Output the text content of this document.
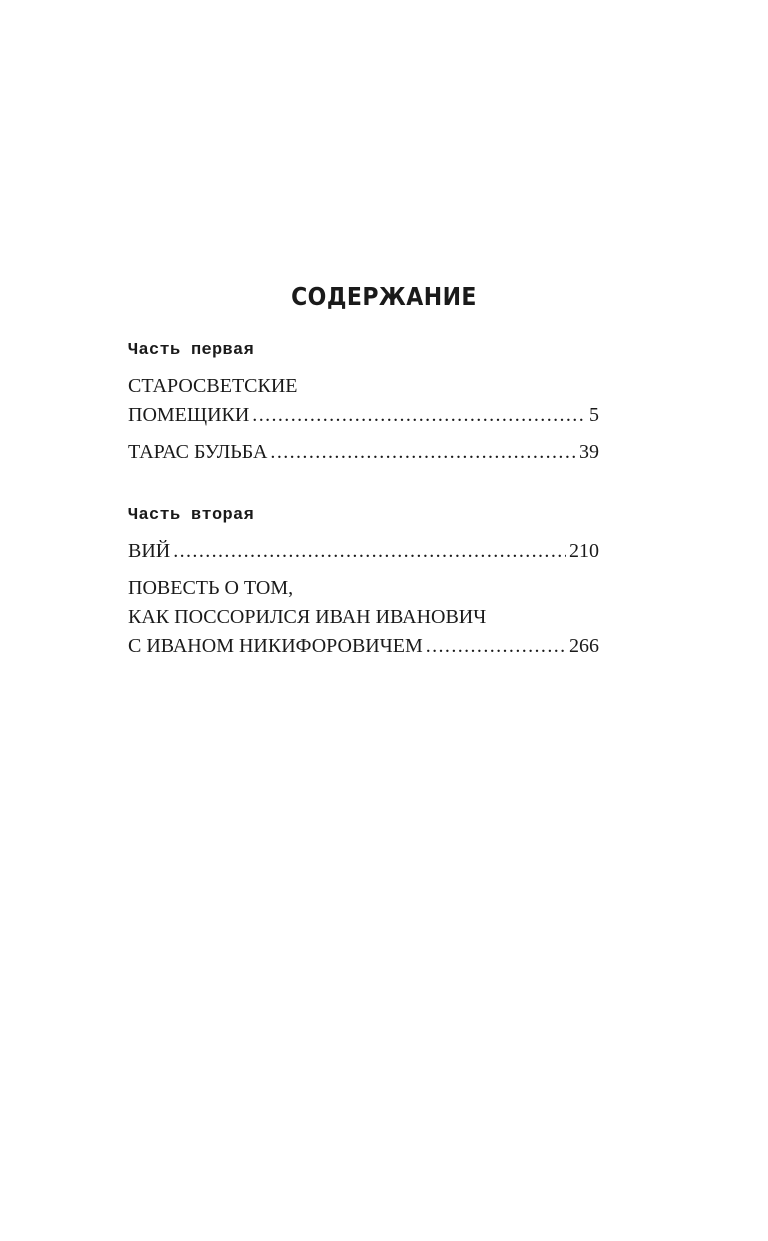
СОДЕРЖАНИЕ
Часть первая
СТАРОСВЕТСКИЕ
ПОМЕЩИКИ .....	5
ТАРАС БУЛЬБА .....	39
Часть вторая
ВИЙ .....	210
ПОВЕСТЬ О ТОМ,
КАК ПОССОРИЛСЯ ИВАН ИВАНОВИЧ
С ИВАНОМ НИКИФОРОВИЧЕМ .....	266
